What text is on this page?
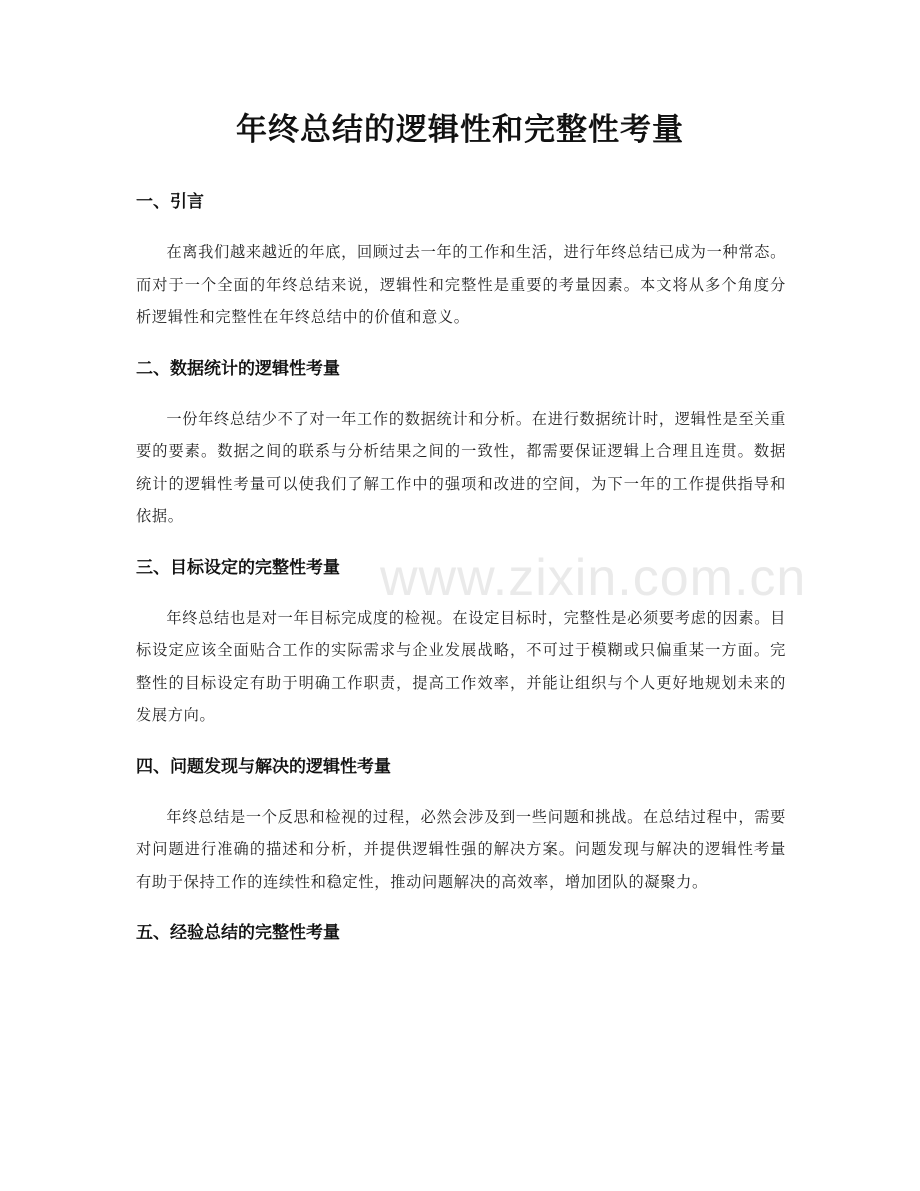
年终总结的逻辑性和完整性考量
一、引言

在离我们越来越近的年底，回顾过去一年的工作和生活，进行年终总结已成为一种常态。而对于一个全面的年终总结来说，逻辑性和完整性是重要的考量因素。本文将从多个角度分析逻辑性和完整性在年终总结中的价值和意义。

二、数据统计的逻辑性考量

一份年终总结少不了对一年工作的数据统计和分析。在进行数据统计时，逻辑性是至关重要的要素。数据之间的联系与分析结果之间的一致性，都需要保证逻辑上合理且连贯。数据统计的逻辑性考量可以使我们了解工作中的强项和改进的空间，为下一年的工作提供指导和依据。

三、目标设定的完整性考量

年终总结也是对一年目标完成度的检视。在设定目标时，完整性是必须要考虑的因素。目标设定应该全面贴合工作的实际需求与企业发展战略，不可过于模糊或只偏重某一方面。完整性的目标设定有助于明确工作职责，提高工作效率，并能让组织与个人更好地规划未来的发展方向。

四、问题发现与解决的逻辑性考量

年终总结是一个反思和检视的过程，必然会涉及到一些问题和挑战。在总结过程中，需要对问题进行准确的描述和分析，并提供逻辑性强的解决方案。问题发现与解决的逻辑性考量有助于保持工作的连续性和稳定性，推动问题解决的高效率，增加团队的凝聚力。

五、经验总结的完整性考量
www.zixin.com.cn
